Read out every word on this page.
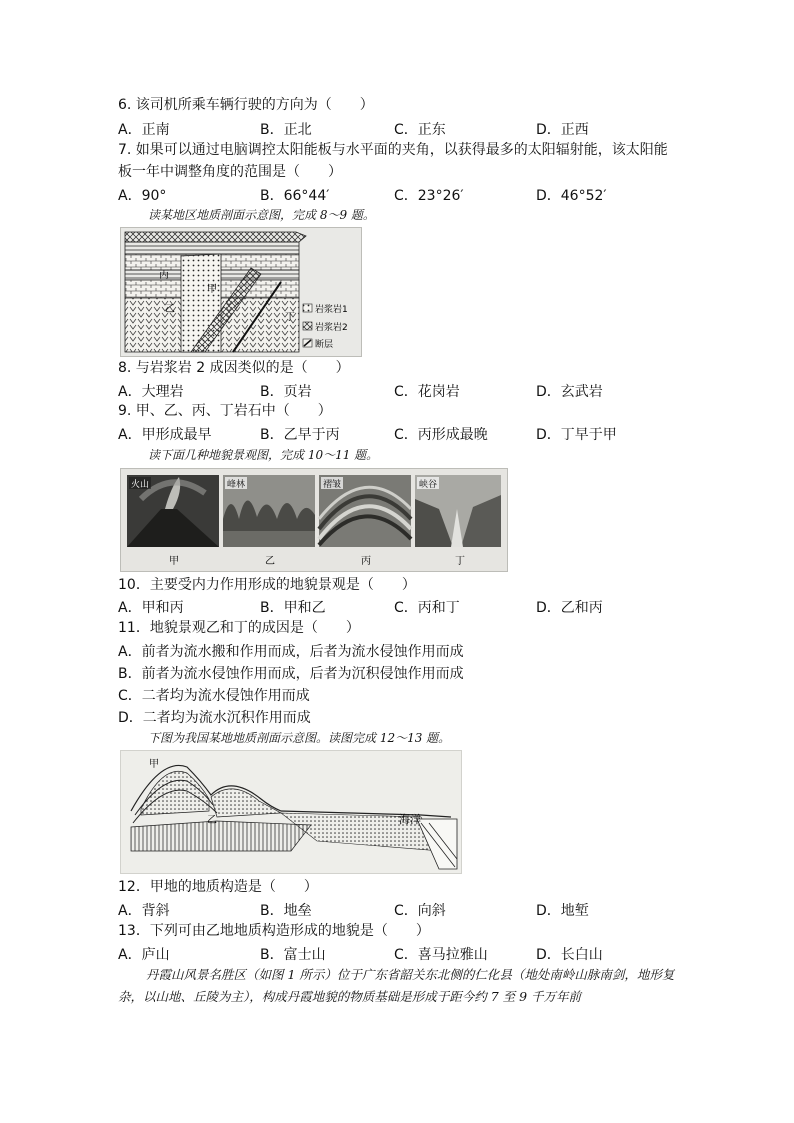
6. 该司机所乘车辆行驶的方向为（　　）
A．正南	B．正北	C．正东	D．正西
7. 如果可以通过电脑调控太阳能板与水平面的夹角，以获得最多的太阳辐射能，该太阳能
板一年中调整角度的范围是（　　）
A．90°	B．66°44′	C．23°26′	D．46°52′
读某地区地质剖面示意图，完成 8～9 题。
丙
甲
乙
丁
岩浆岩1
岩浆岩2
断层
8. 与岩浆岩 2 成因类似的是（　　）
A．大理岩	B．页岩	C．花岗岩	D．玄武岩
9. 甲、乙、丙、丁岩石中（　　）
A．甲形成最早	B．乙早于丙	C．丙形成最晚	D．丁早于甲
读下面几种地貌景观图，完成 10～11 题。
火山	峰林	褶皱	峡谷
甲	乙	丙	丁
10．主要受内力作用形成的地貌景观是（　　）
A．甲和丙	B．甲和乙	C．丙和丁	D．乙和丙
11．地貌景观乙和丁的成因是（　　）
A．前者为流水搬和作用而成，后者为流水侵蚀作用而成
B．前者为流水侵蚀作用而成，后者为沉积侵蚀作用而成
C．二者均为流水侵蚀作用而成
D．二者均为流水沉积作用而成
下图为我国某地地质剖面示意图。读图完成 12～13 题。
甲
乙	海洋
12．甲地的地质构造是（　　）
A．背斜	B．地垒	C．向斜	D．地堑
13．下列可由乙地地质构造形成的地貌是（　　）
A．庐山	B．富士山	C．喜马拉雅山	D．长白山
丹霞山风景名胜区（如图 1 所示）位于广东省韶关东北侧的仁化县（地处南岭山脉南剑，地形复杂，以山地、丘陵为主），构成丹霞地貌的物质基础是形成于距今约 7 至 9 千万年前
